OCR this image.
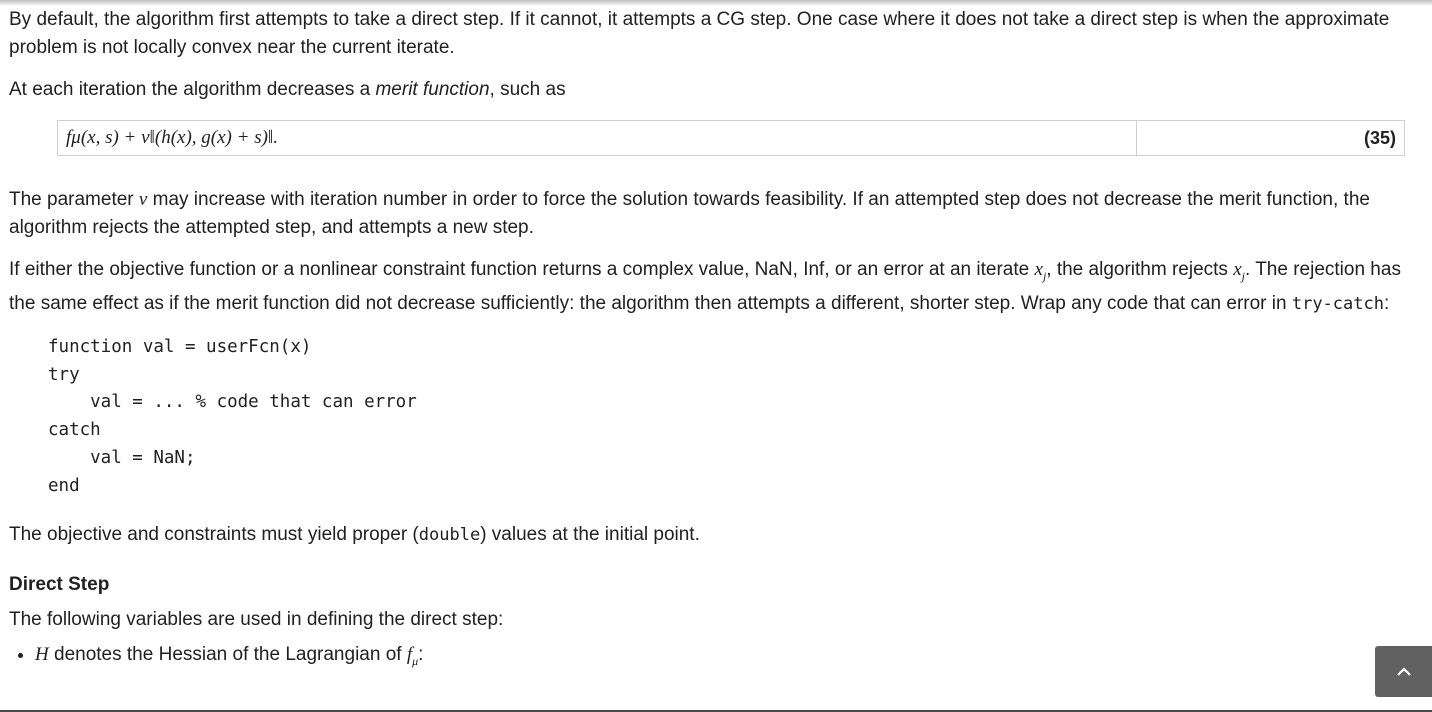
By default, the algorithm first attempts to take a direct step. If it cannot, it attempts a CG step. One case where it does not take a direct step is when the approximate problem is not locally convex near the current iterate.

At each iteration the algorithm decreases a merit function, such as

fμ(x, s) + ν‖(h(x), g(x) + s)‖.	(35)

The parameter ν may increase with iteration number in order to force the solution towards feasibility. If an attempted step does not decrease the merit function, the algorithm rejects the attempted step, and attempts a new step.

If either the objective function or a nonlinear constraint function returns a complex value, NaN, Inf, or an error at an iterate $x_j$, the algorithm rejects $x_j$. The rejection has the same effect as if the merit function did not decrease sufficiently: the algorithm then attempts a different, shorter step. Wrap any code that can error in try-catch:

function val = userFcn(x)
try
val = ... % code that can error
catch
val = NaN;
end

The objective and constraints must yield proper (double) values at the initial point.

Direct Step

The following variables are used in defining the direct step:

• H denotes the Hessian of the Lagrangian of $f_\mu$:
